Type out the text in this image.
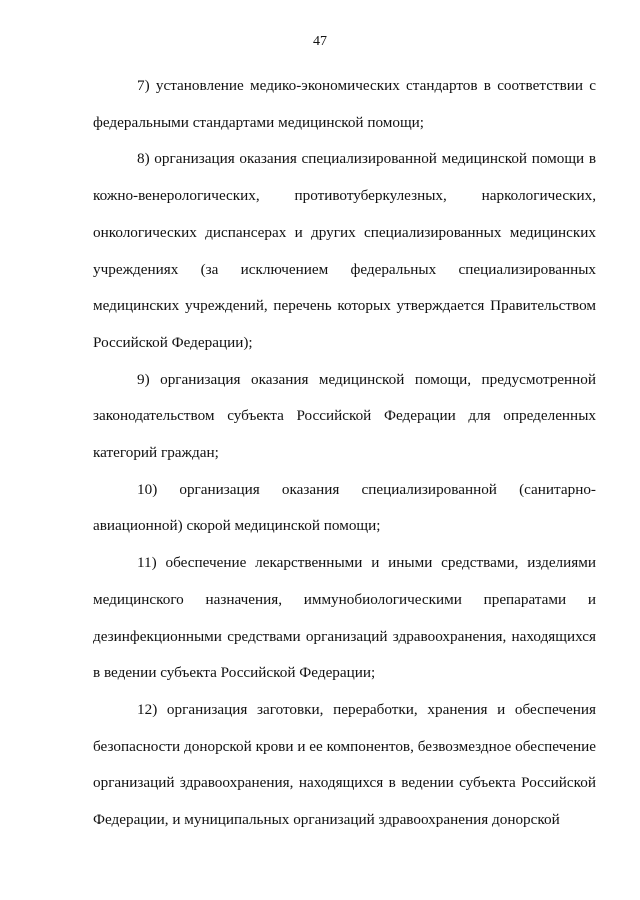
47

7) установление медико-экономических стандартов в соответствии с федеральными стандартами медицинской помощи;

8) организация оказания специализированной медицинской помощи в кожно-венерологических, противотуберкулезных, наркологических, онкологических диспансерах и других специализированных медицинских учреждениях (за исключением федеральных специализированных медицинских учреждений, перечень которых утверждается Правительством Российской Федерации);

9) организация оказания медицинской помощи, предусмотренной законодательством субъекта Российской Федерации для определенных категорий граждан;

10) организация оказания специализированной (санитарно-авиационной) скорой медицинской помощи;

11) обеспечение лекарственными и иными средствами, изделиями медицинского назначения, иммунобиологическими препаратами и дезинфекционными средствами организаций здравоохранения, находящихся в ведении субъекта Российской Федерации;

12) организация заготовки, переработки, хранения и обеспечения безопасности донорской крови и ее компонентов, безвозмездное обеспечение организаций здравоохранения, находящихся в ведении субъекта Российской Федерации, и муниципальных организаций здравоохранения донорской
